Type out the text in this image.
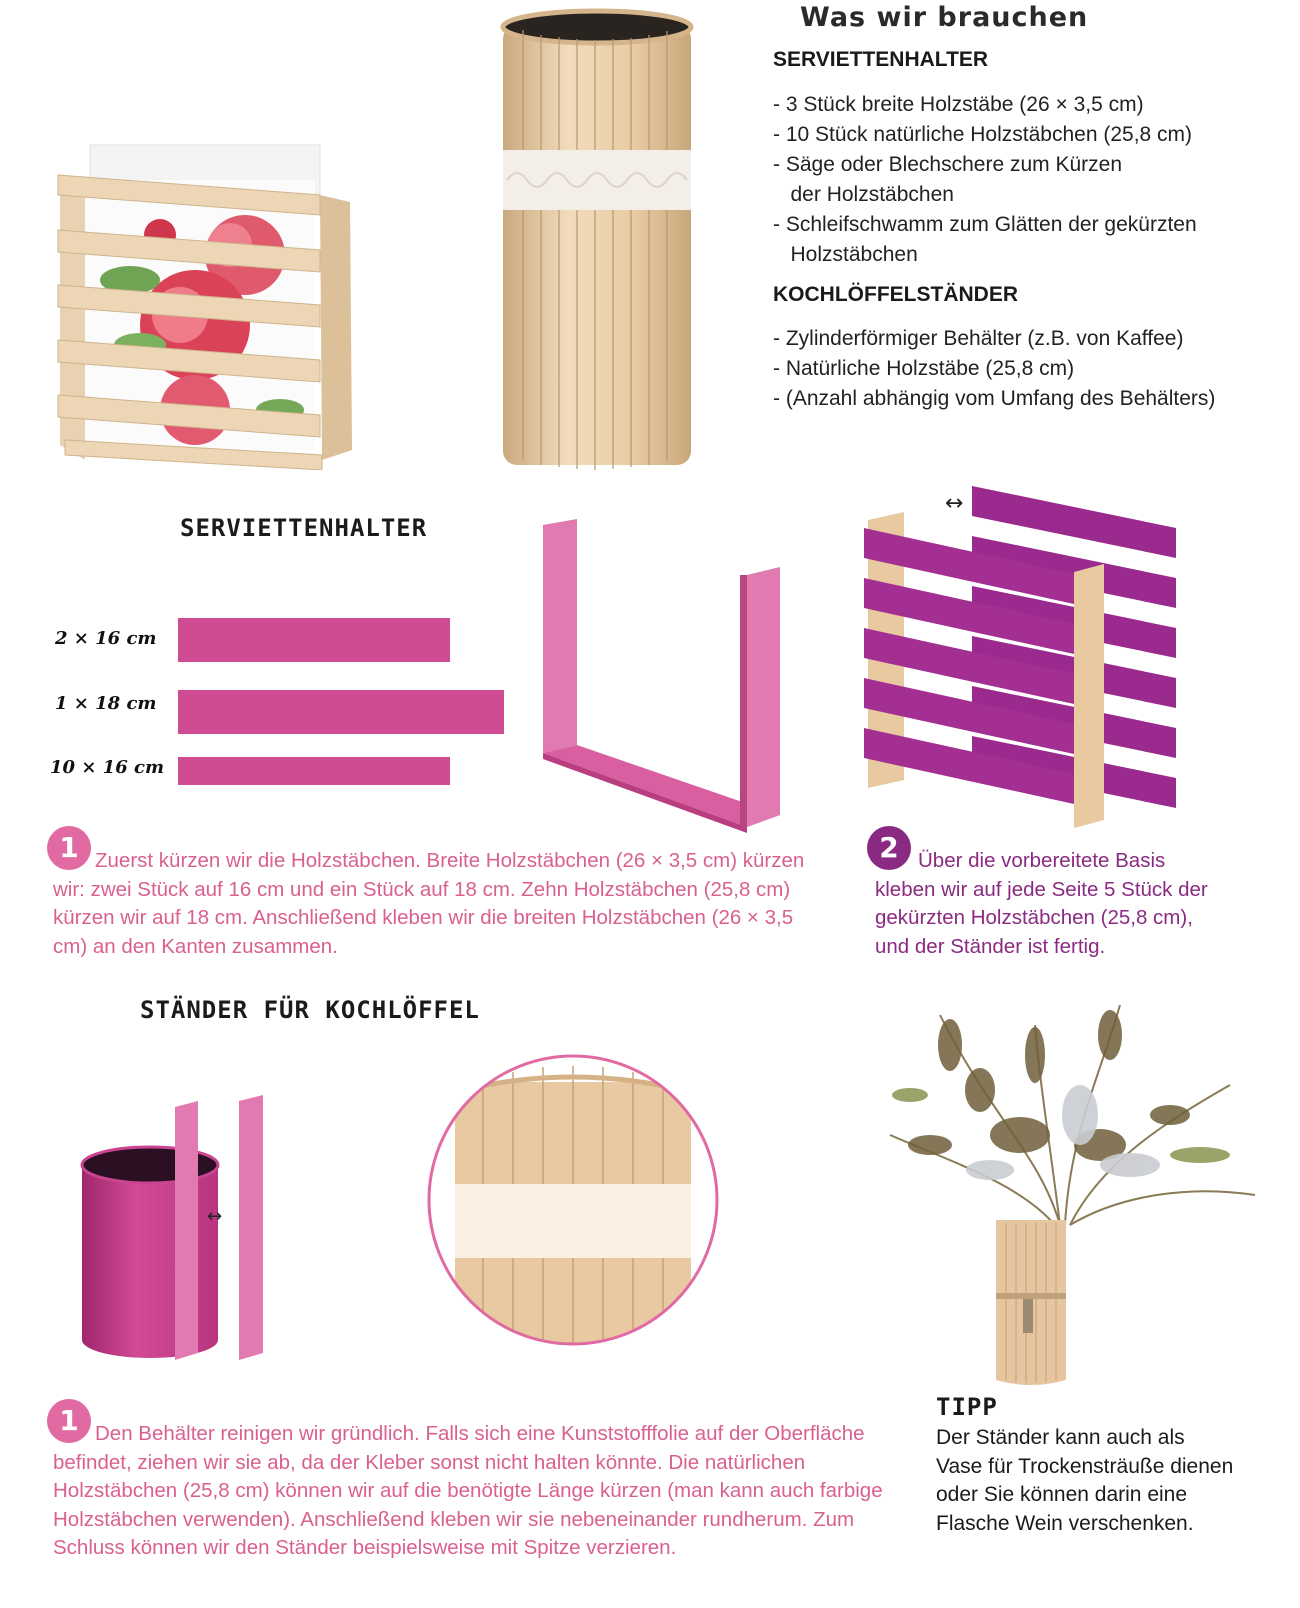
Was wir brauchen
SERVIETTENHALTER
- 3 Stück breite Holzstäbe (26 × 3,5 cm)
- 10 Stück natürliche Holzstäbchen (25,8 cm)
- Säge oder Blechschere zum Kürzen
der Holzstäbchen
- Schleifschwamm zum Glätten der gekürzten
Holzstäbchen
KOCHLÖFFELSTÄNDER
- Zylinderförmiger Behälter (z.B. von Kaffee)
- Natürliche Holzstäbe (25,8 cm)
- (Anzahl abhängig vom Umfang des Behälters)
SERVIETTENHALTER
2 × 16 cm
1 × 18 cm
10 × 16 cm
↔
1 Zuerst kürzen wir die Holzstäbchen. Breite Holzstäbchen (26 × 3,5 cm) kürzen wir: zwei Stück auf 16 cm und ein Stück auf 18 cm. Zehn Holzstäbchen (25,8 cm) kürzen wir auf 18 cm. Anschließend kleben wir die breiten Holzstäbchen (26 × 3,5 cm) an den Kanten zusammen.
2 Über die vorbereitete Basis kleben wir auf jede Seite 5 Stück der gekürzten Holzstäbchen (25,8 cm), und der Ständer ist fertig.
STÄNDER FÜR KOCHLÖFFEL
↔
1 Den Behälter reinigen wir gründlich. Falls sich eine Kunststofffolie auf der Oberfläche befindet, ziehen wir sie ab, da der Kleber sonst nicht halten könnte. Die natürlichen Holzstäbchen (25,8 cm) können wir auf die benötigte Länge kürzen (man kann auch farbige Holzstäbchen verwenden). Anschließend kleben wir sie nebeneinander rundherum. Zum Schluss können wir den Ständer beispielsweise mit Spitze verzieren.
TIPP
Der Ständer kann auch als Vase für Trockensträuße dienen oder Sie können darin eine Flasche Wein verschenken.
